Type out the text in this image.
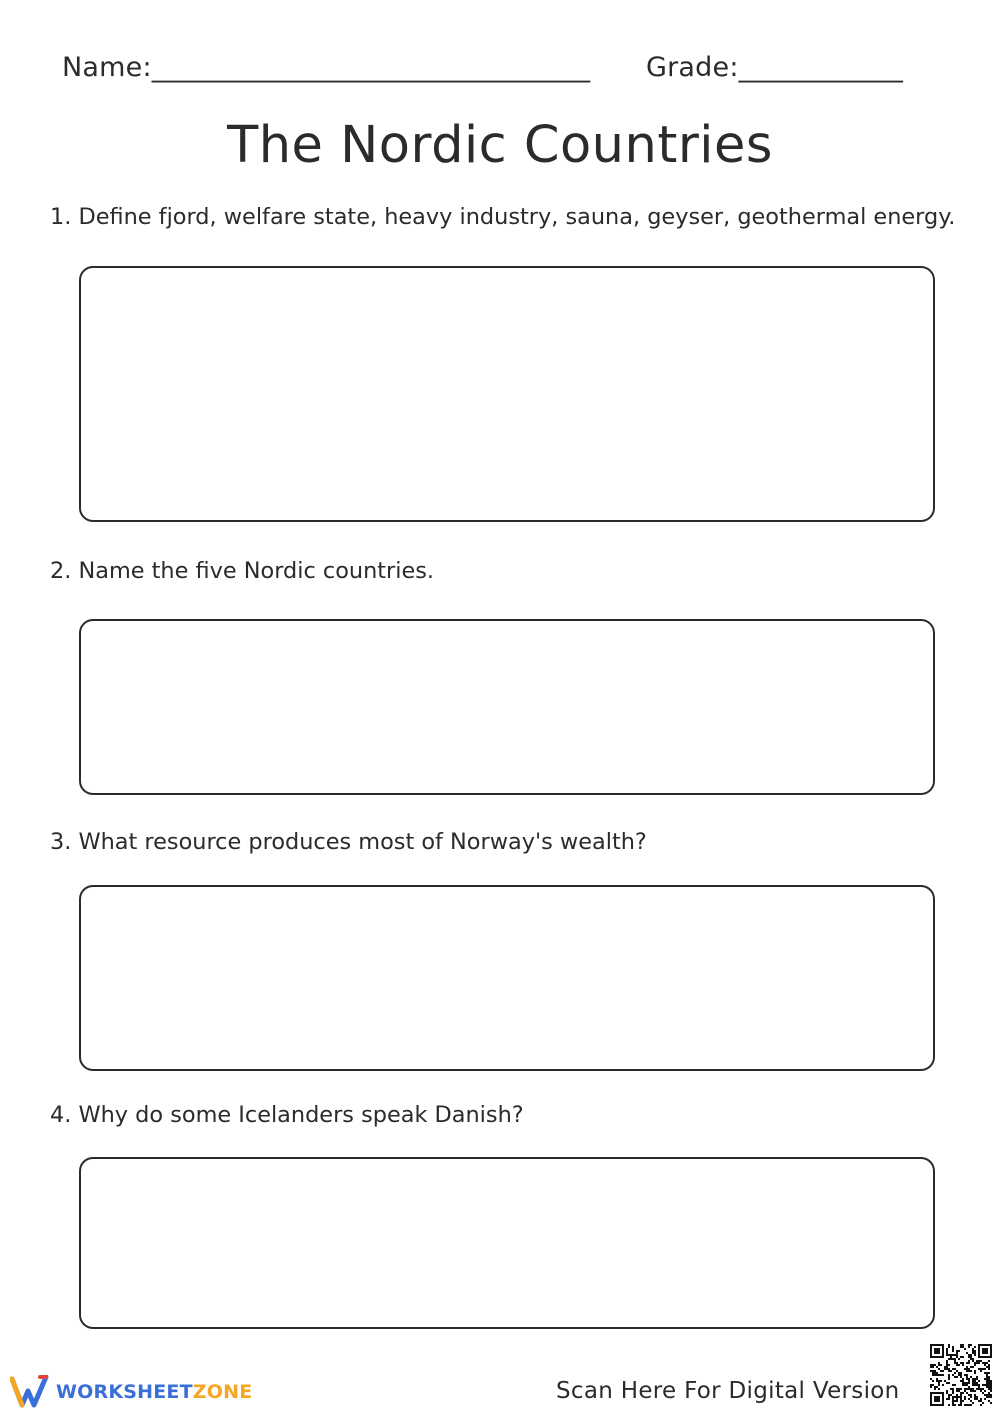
Name:________________________________ Grade:____________
The Nordic Countries

1. Define fjord, welfare state, heavy industry, sauna, geyser, geothermal energy.

2. Name the five Nordic countries.

3. What resource produces most of Norway's wealth?

4. Why do some Icelanders speak Danish?

WORKSHEETZONE	Scan Here For Digital Version
